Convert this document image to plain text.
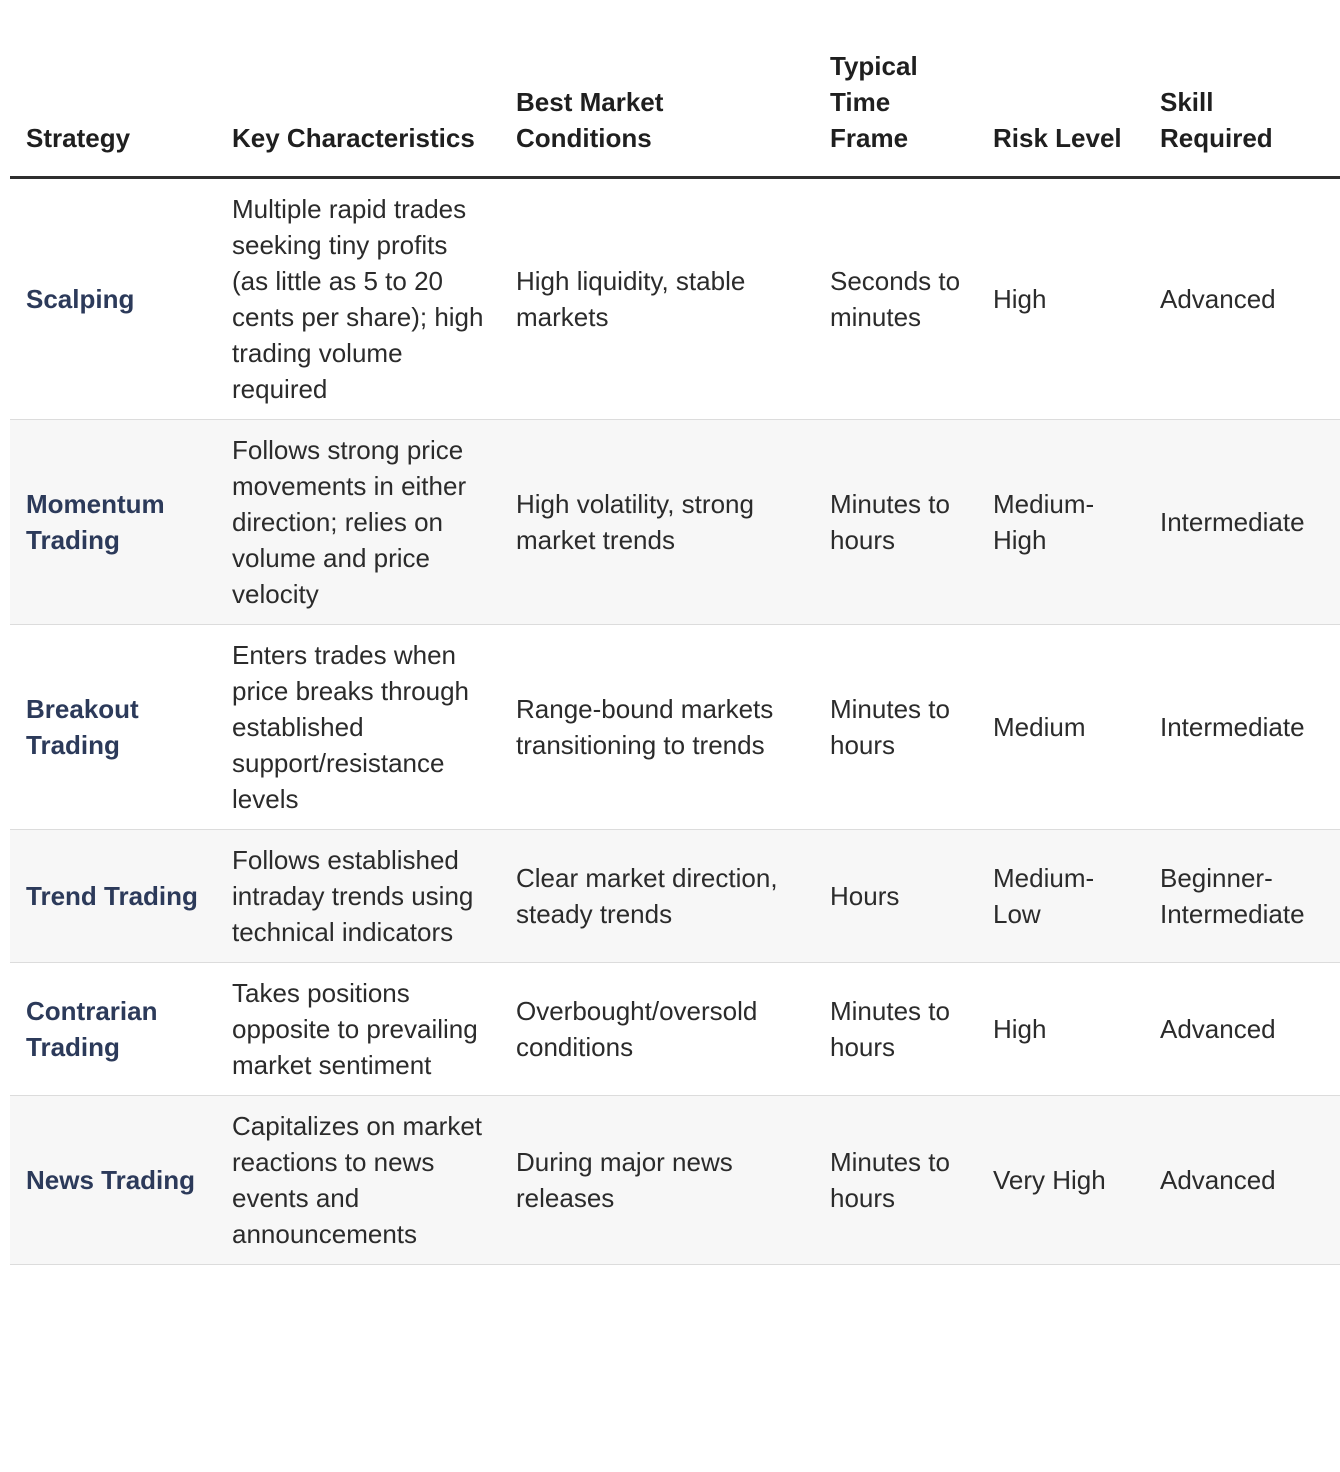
Strategy	Key Characteristics	Best Market Conditions	Typical Time Frame	Risk Level	Skill Required
Scalping	Multiple rapid trades seeking tiny profits (as little as 5 to 20 cents per share); high trading volume required	High liquidity, stable markets	Seconds to minutes	High	Advanced
Momentum Trading	Follows strong price movements in either direction; relies on volume and price velocity	High volatility, strong market trends	Minutes to hours	Medium-High	Intermediate
Breakout Trading	Enters trades when price breaks through established support/resistance levels	Range-bound markets transitioning to trends	Minutes to hours	Medium	Intermediate
Trend Trading	Follows established intraday trends using technical indicators	Clear market direction, steady trends	Hours	Medium-Low	Beginner-Intermediate
Contrarian Trading	Takes positions opposite to prevailing market sentiment	Overbought/oversold conditions	Minutes to hours	High	Advanced
News Trading	Capitalizes on market reactions to news events and announcements	During major news releases	Minutes to hours	Very High	Advanced
